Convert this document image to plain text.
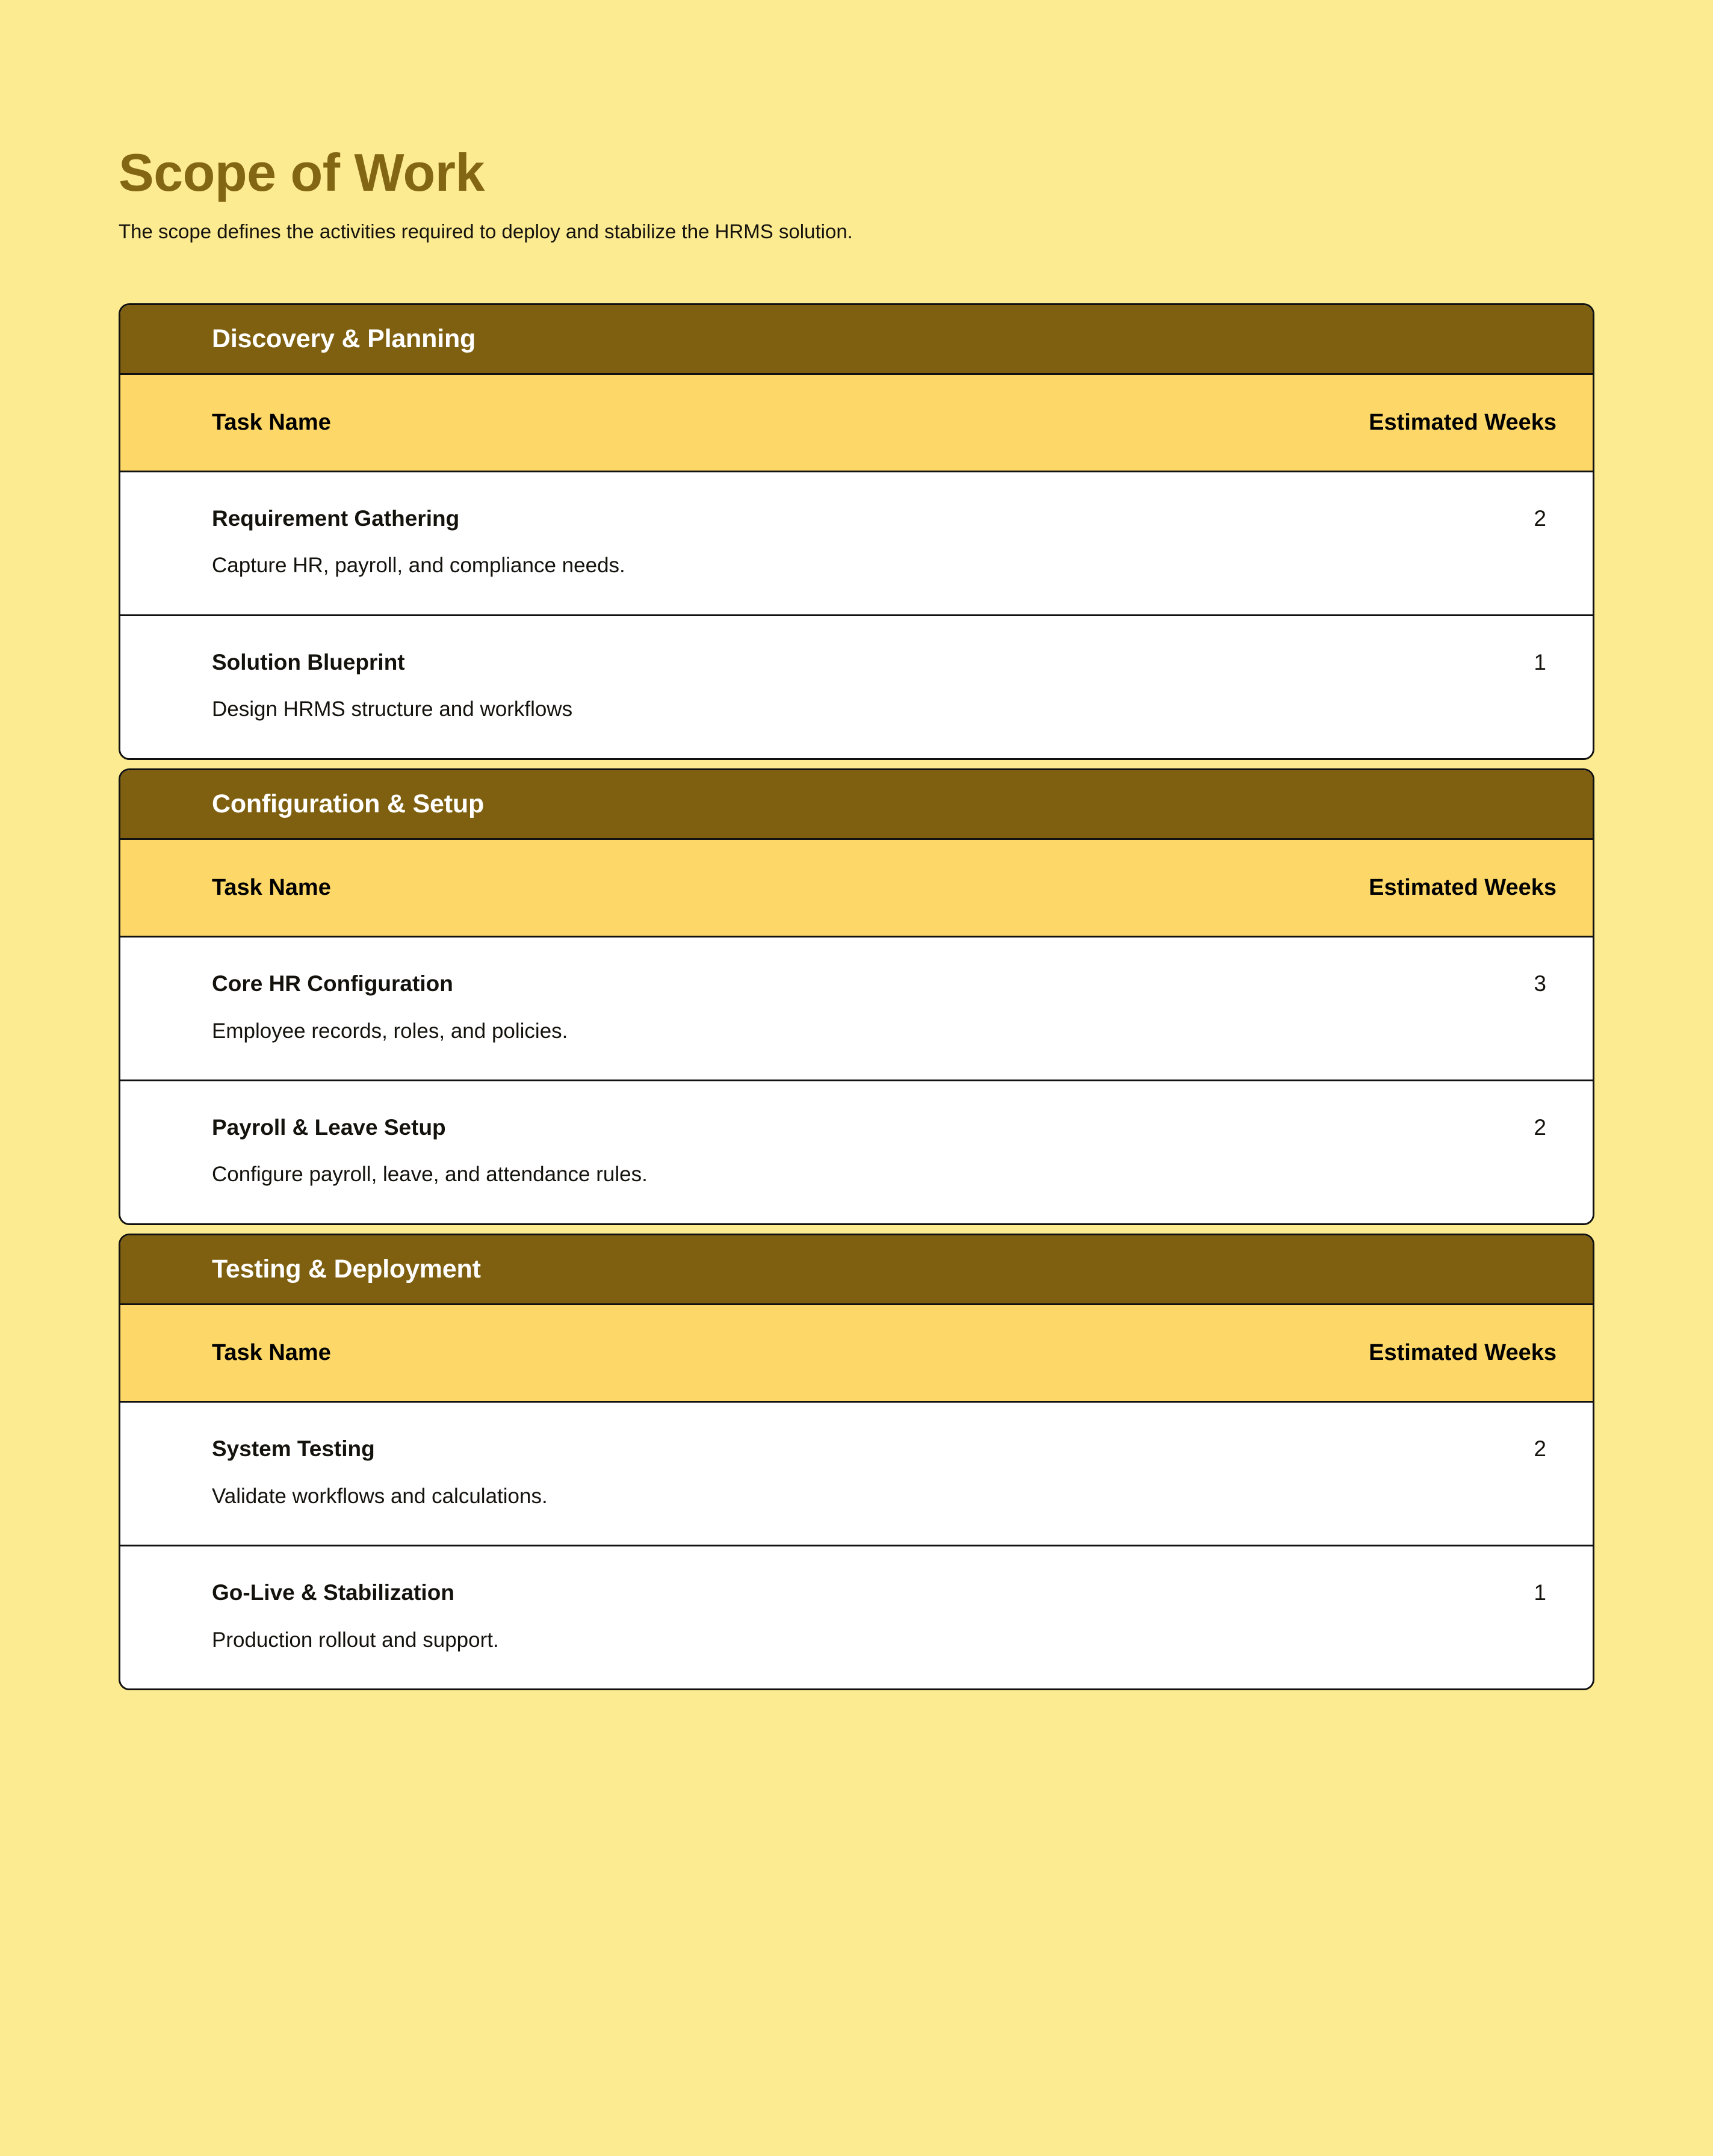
Scope of Work

The scope defines the activities required to deploy and stabilize the HRMS solution.

Discovery & Planning
Task Name	Estimated Weeks

Requirement Gathering
Capture HR, payroll, and compliance needs.	2

Solution Blueprint
Design HRMS structure and workflows	1
Configuration & Setup
Task Name	Estimated Weeks

Core HR Configuration
Employee records, roles, and policies.	3

Payroll & Leave Setup
Configure payroll, leave, and attendance rules.	2
Testing & Deployment
Task Name	Estimated Weeks

System Testing
Validate workflows and calculations.	2

Go-Live & Stabilization
Production rollout and support.	1
